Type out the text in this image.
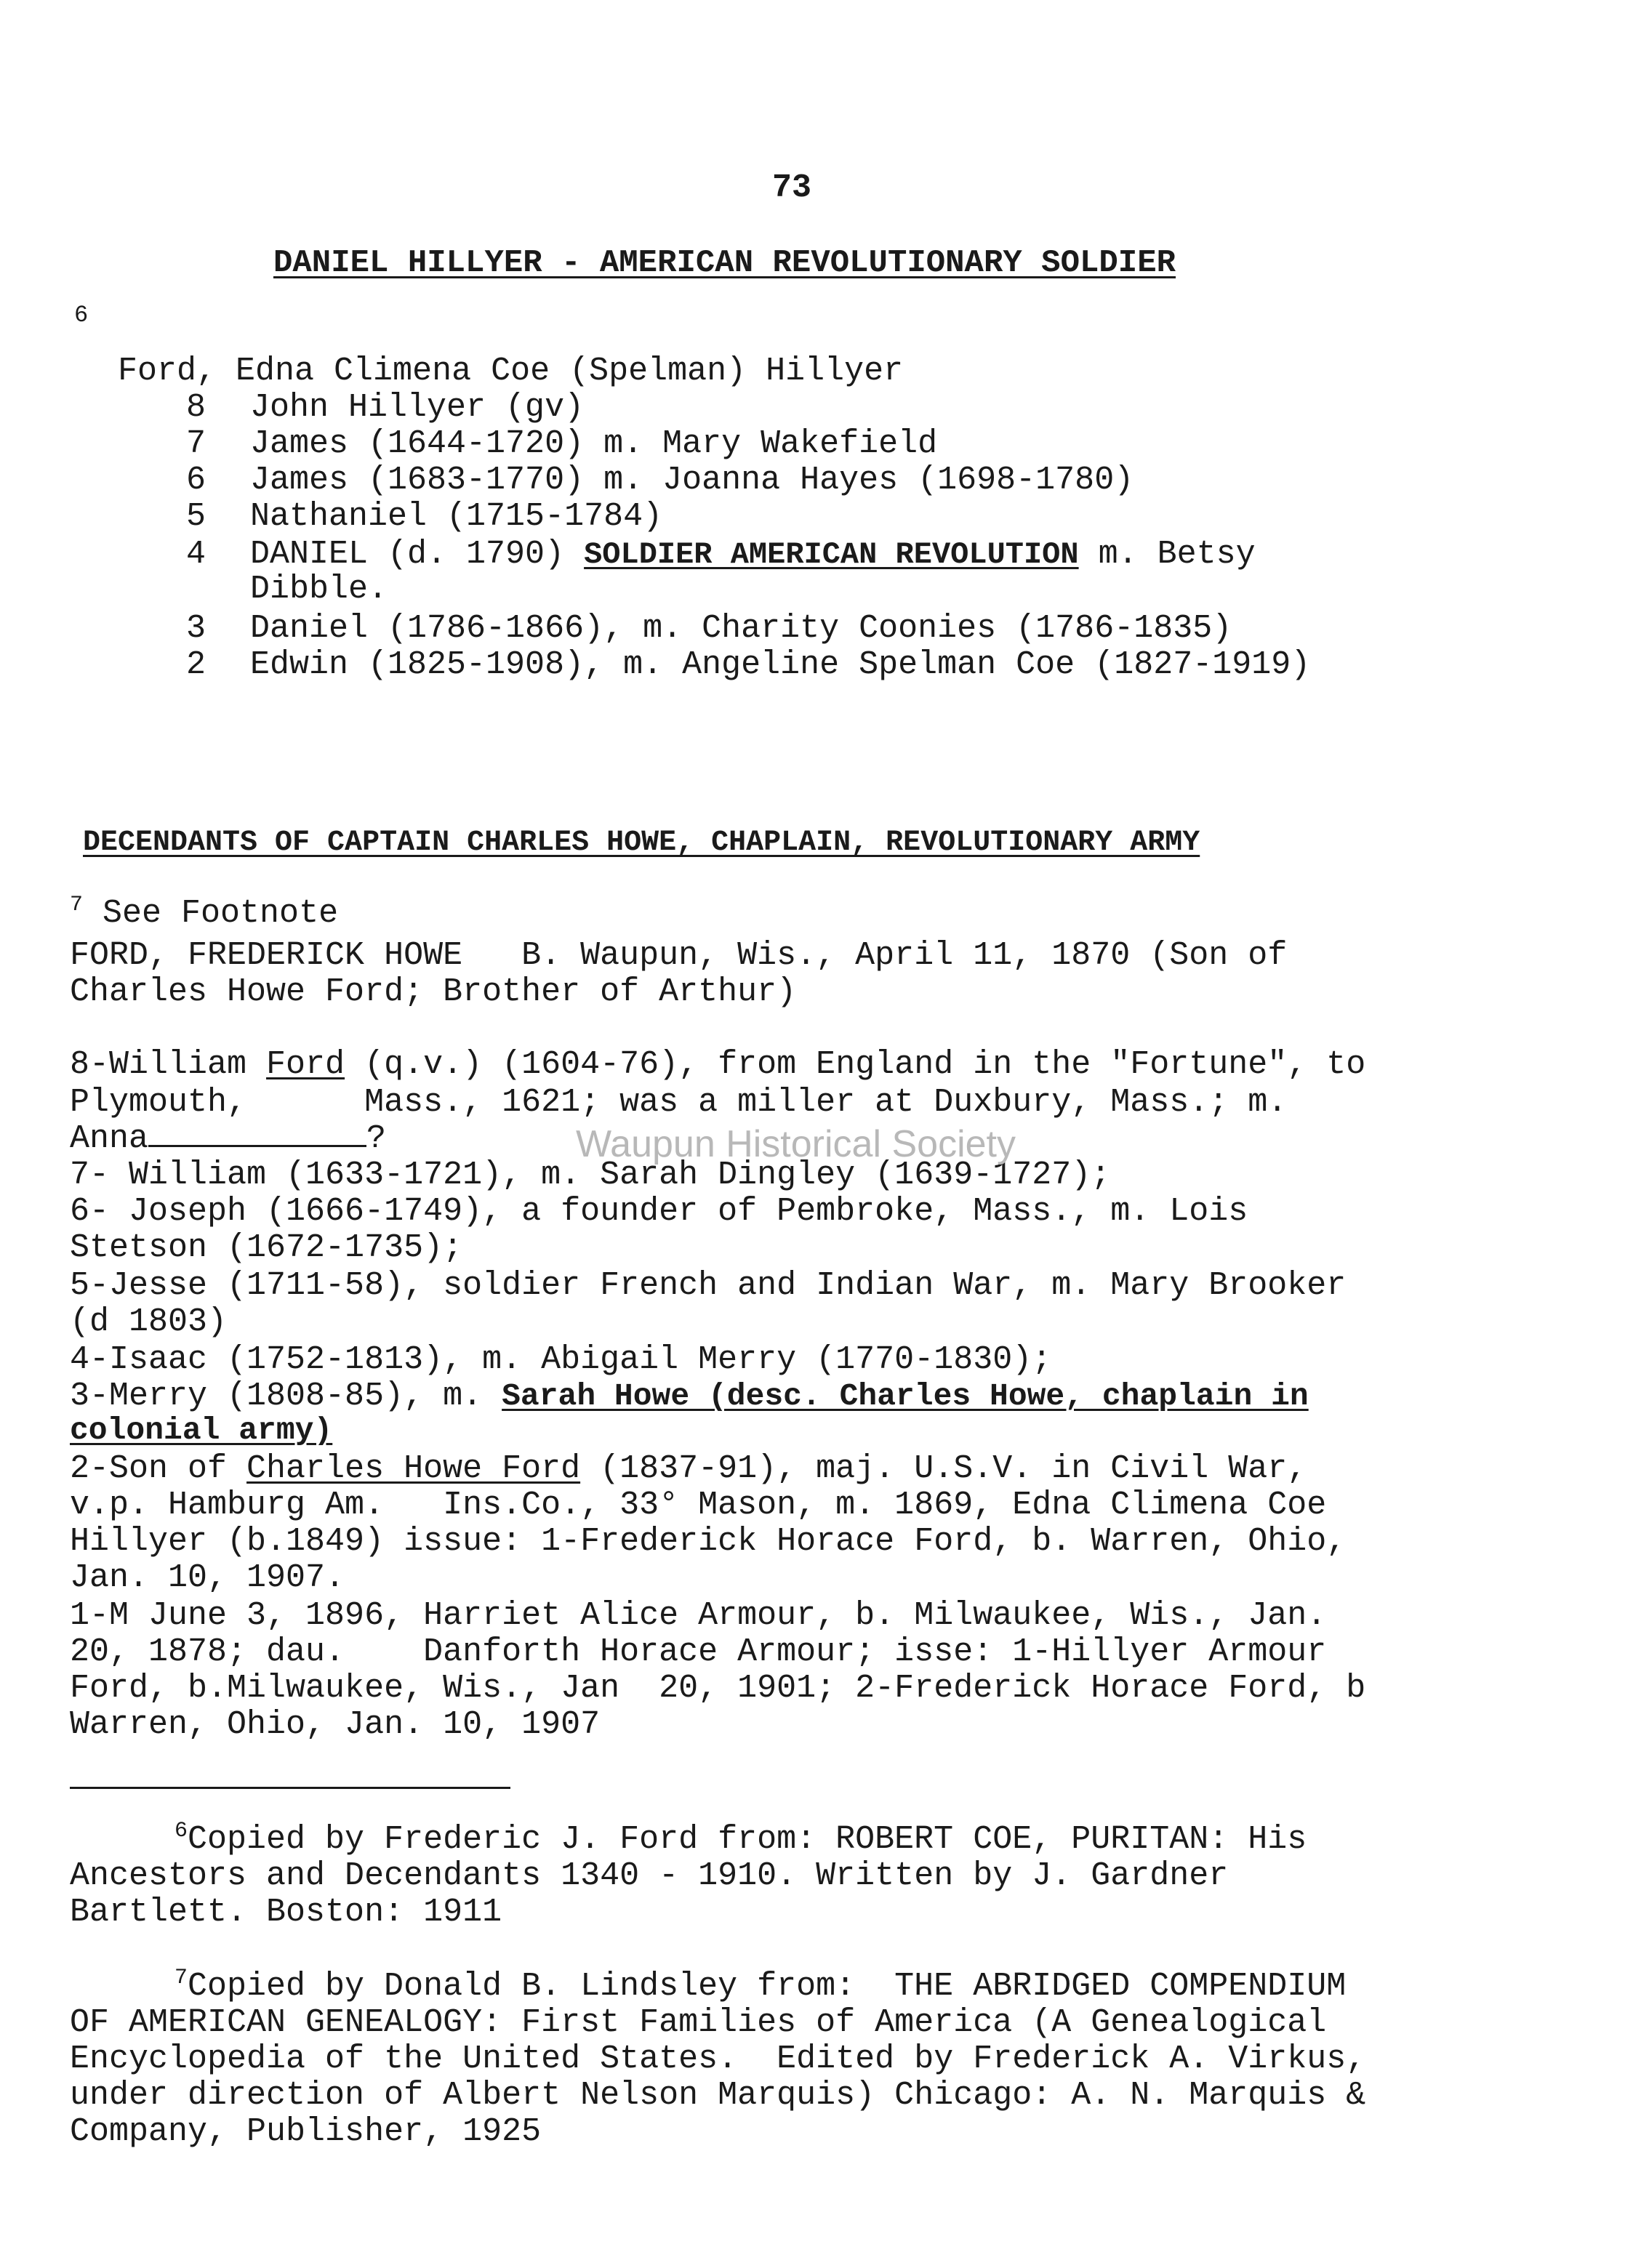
73
DANIEL HILLYER - AMERICAN REVOLUTIONARY SOLDIER
6
Ford, Edna Climena Coe (Spelman) Hillyer
8 John Hillyer (gv)
7 James (1644-1720) m. Mary Wakefield
6 James (1683-1770) m. Joanna Hayes (1698-1780)
5 Nathaniel (1715-1784)
4 DANIEL (d. 1790) SOLDIER AMERICAN REVOLUTION m. Betsy
Dibble.
3 Daniel (1786-1866), m. Charity Coonies (1786-1835)
2 Edwin (1825-1908), m. Angeline Spelman Coe (1827-1919)
DECENDANTS OF CAPTAIN CHARLES HOWE, CHAPLAIN, REVOLUTIONARY ARMY
$^7$ See Footnote
FORD, FREDERICK HOWE   B. Waupun, Wis., April 11, 1870 (Son of
Charles Howe Ford; Brother of Arthur)
8-William Ford (q.v.) (1604-76), from England in the "Fortune", to
Plymouth,      Mass., 1621; was a miller at Duxbury, Mass.; m.
Anna	?
7- William (1633-1721), m. Sarah Dingley (1639-1727);
6- Joseph (1666-1749), a founder of Pembroke, Mass., m. Lois
Stetson (1672-1735);
5-Jesse (1711-58), soldier French and Indian War, m. Mary Brooker
(d 1803)
4-Isaac (1752-1813), m. Abigail Merry (1770-1830);
3-Merry (1808-85), m. Sarah Howe (desc. Charles Howe, chaplain in
colonial army)
2-Son of Charles Howe Ford (1837-91), maj. U.S.V. in Civil War,
v.p. Hamburg Am.   Ins.Co., 33° Mason, m. 1869, Edna Climena Coe
Hillyer (b.1849) issue: 1-Frederick Horace Ford, b. Warren, Ohio,
Jan. 10, 1907.
1-M June 3, 1896, Harriet Alice Armour, b. Milwaukee, Wis., Jan.
20, 1878; dau.    Danforth Horace Armour; isse: 1-Hillyer Armour
Ford, b.Milwaukee, Wis., Jan  20, 1901; 2-Frederick Horace Ford, b
Warren, Ohio, Jan. 10, 1907
Waupun Historical Society
$^6$Copied by Frederic J. Ford from: ROBERT COE, PURITAN: His
Ancestors and Decendants 1340 - 1910. Written by J. Gardner
Bartlett. Boston: 1911
$^7$Copied by Donald B. Lindsley from:  THE ABRIDGED COMPENDIUM
OF AMERICAN GENEALOGY: First Families of America (A Genealogical
Encyclopedia of the United States.  Edited by Frederick A. Virkus,
under direction of Albert Nelson Marquis) Chicago: A. N. Marquis &
Company, Publisher, 1925
